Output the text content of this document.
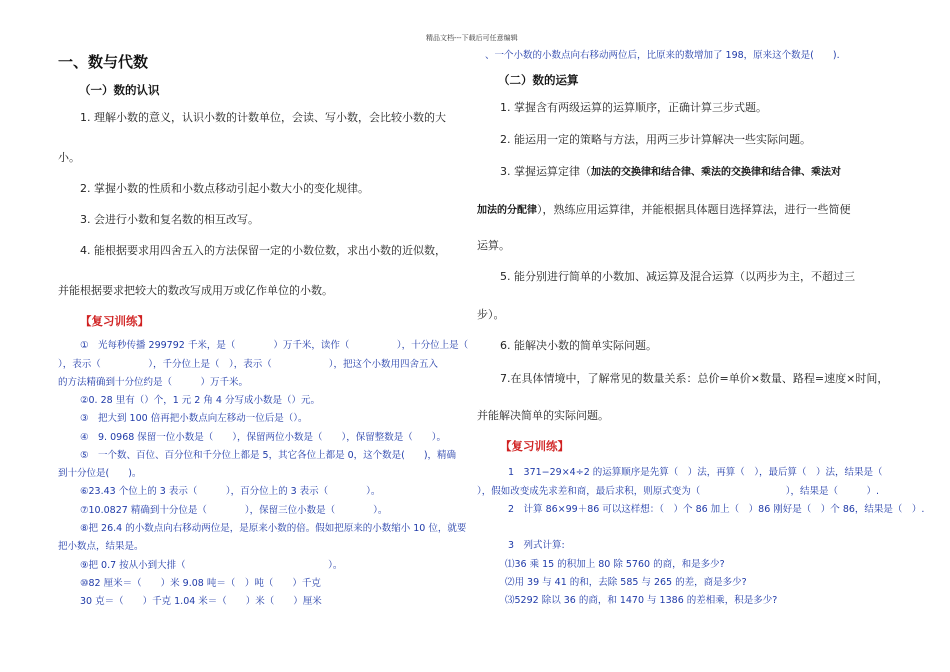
精品文档---下载后可任意编辑
一、数与代数
（一）数的认识
1. 理解小数的意义，认识小数的计数单位，会读、写小数，会比较小数的大
小。
2. 掌握小数的性质和小数点移动引起小数大小的变化规律。
3. 会进行小数和复名数的相互改写。
4. 能根据要求用四舍五入的方法保留一定的小数位数，求出小数的近似数，
并能根据要求把较大的数改写成用万或亿作单位的小数。
【复习训练】
①　光每秒传播 299792 千米，是（　　　　）万千米，读作（　　　　　），十分位上是（
），表示（　　　　　），千分位上是（　），表示（　　　　　　），把这个小数用四舍五入
的方法精确到十分位约是（　　　）万千米。
②0. 28 里有（）个，1 元 2 角 4 分写成小数是（）元。
③　把大到 100 倍再把小数点向左移动一位后是（）。
④　9. 0968 保留一位小数是（　　），保留两位小数是（　　），保留整数是（　　）。
⑤　一个数、百位、百分位和千分位上都是 5，其它各位上都是 0，这个数是(　　)，精确
到十分位是(　　)。
⑥23.43 个位上的 3 表示（　　　），百分位上的 3 表示（　　　　）。
⑦10.0827 精确到十分位是（　　　　），保留三位小数是（　　　　）。
⑧把 26.4 的小数点向右移动两位是，是原来小数的倍。假如把原来的小数缩小 10 位，就要
把小数点，结果是。
⑨把 0.7 按从小到大排（　　　　　　　　　　　　　　　）。
⑩82 厘米＝（　　）米 9.08 吨＝（　）吨（　　）千克
30 克＝（　　）千克 1.04 米＝（　　）米（　　）厘米
、一个小数的小数点向右移动两位后，比原来的数增加了 198，原来这个数是(　　).
（二）数的运算
1. 掌握含有两级运算的运算顺序，正确计算三步式题。
2. 能运用一定的策略与方法，用两三步计算解决一些实际问题。
3. 掌握运算定律（加法的交换律和结合律、乘法的交换律和结合律、乘法对
加法的分配律），熟练应用运算律，并能根据具体题目选择算法，进行一些简便
运算。
5. 能分别进行简单的小数加、减运算及混合运算（以两步为主，不超过三
步）。
6. 能解决小数的简单实际问题。
7.在具体情境中，了解常见的数量关系：总价=单价×数量、路程=速度×时间，
并能解决简单的实际问题。
【复习训练】
1　371−29×4÷2 的运算顺序是先算（　）法，再算（　），最后算（　）法，结果是（
），假如改变成先求差和商，最后求积，则原式变为（　　　　　　　　　），结果是（　　　）.
2　计算 86×99＋86 可以这样想：（　）个 86 加上（　）86 刚好是（　）个 86，结果是（　）.
3　列式计算:
⑴36 乘 15 的积加上 80 除 5760 的商，和是多少?
⑵用 39 与 41 的和，去除 585 与 265 的差，商是多少?
⑶5292 除以 36 的商，和 1470 与 1386 的差相乘，积是多少?
